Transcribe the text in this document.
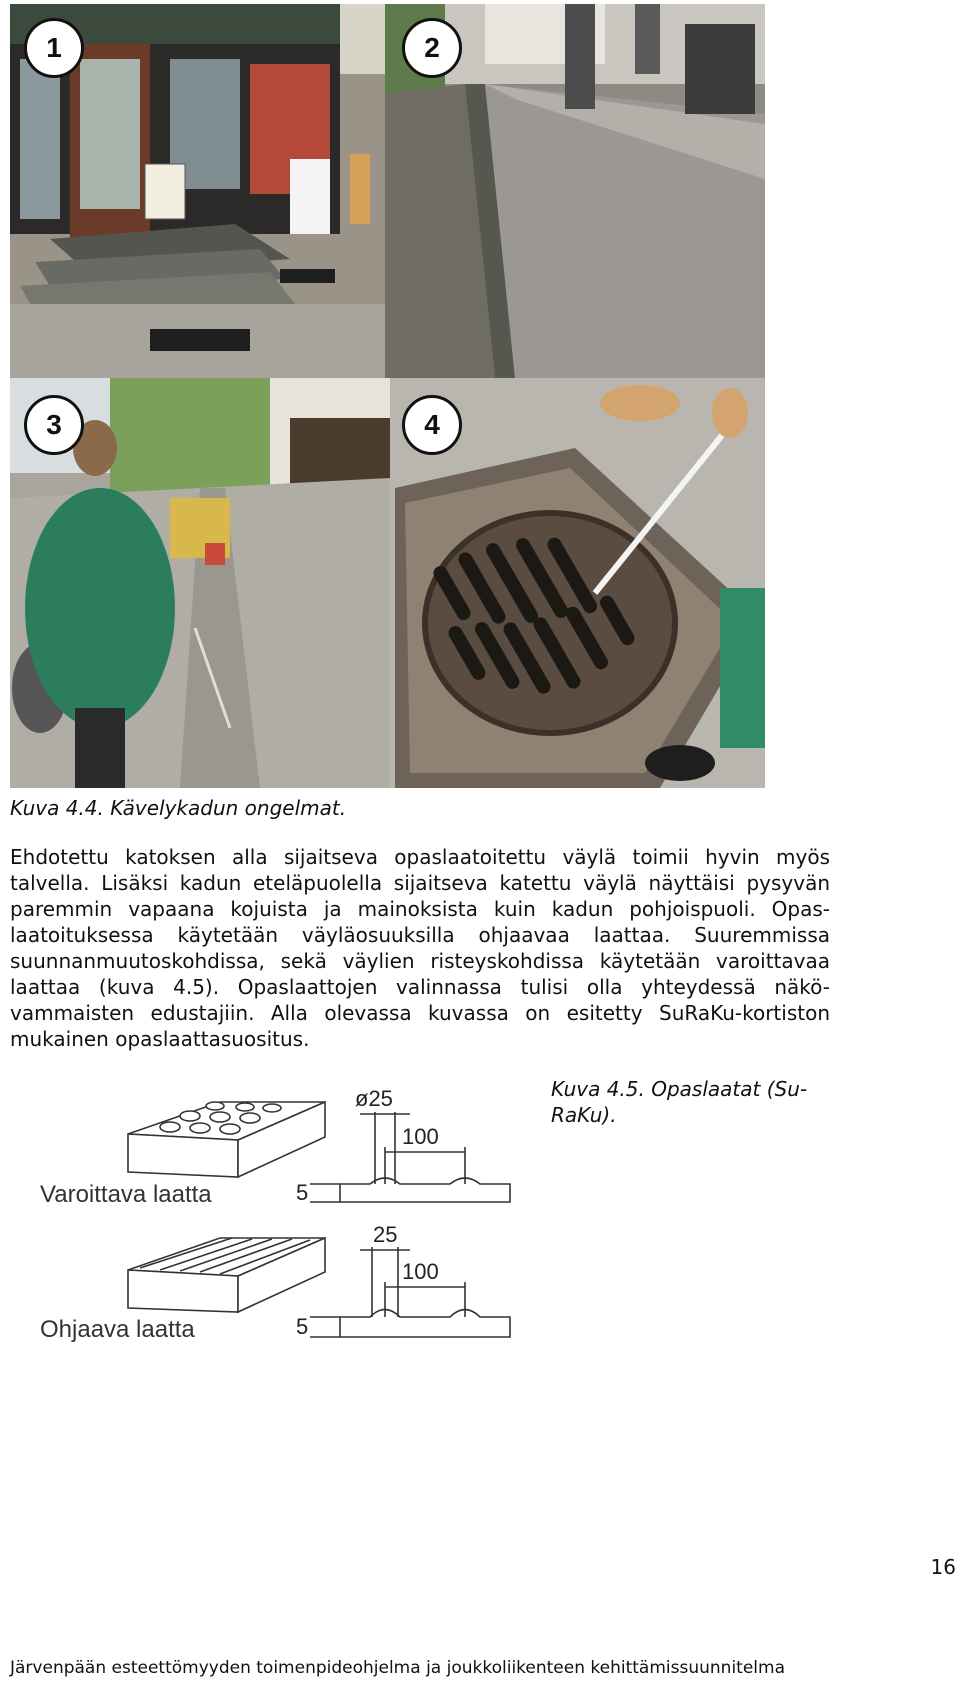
1	2
3	4
Kuva 4.4. Kävelykadun ongelmat.
Ehdotettu katoksen alla sijaitseva opaslaatoitettu väylä toimii hyvin myös
talvella. Lisäksi kadun eteläpuolella sijaitseva katettu väylä näyttäisi pysyvän
paremmin vapaana kojuista ja mainoksista kuin kadun pohjoispuoli. Opas-
laatoituksessa käytetään väyläosuuksilla ohjaavaa laattaa. Suuremmissa
suunnanmuutoskohdissa, sekä väylien risteyskohdissa käytetään varoittavaa
laattaa (kuva 4.5). Opaslaattojen valinnassa tulisi olla yhteydessä näkö-
vammaisten edustajiin. Alla olevassa kuvassa on esitetty SuRaKu-kortiston
mukainen opaslaattasuositus.
Varoittava laatta
ø25
100
5
Ohjaava laatta
25
100
5
Kuva 4.5. Opaslaatat (Su-
RaKu).
16
Järvenpään esteettömyyden toimenpideohjelma ja joukkoliikenteen kehittämissuunnitelma
